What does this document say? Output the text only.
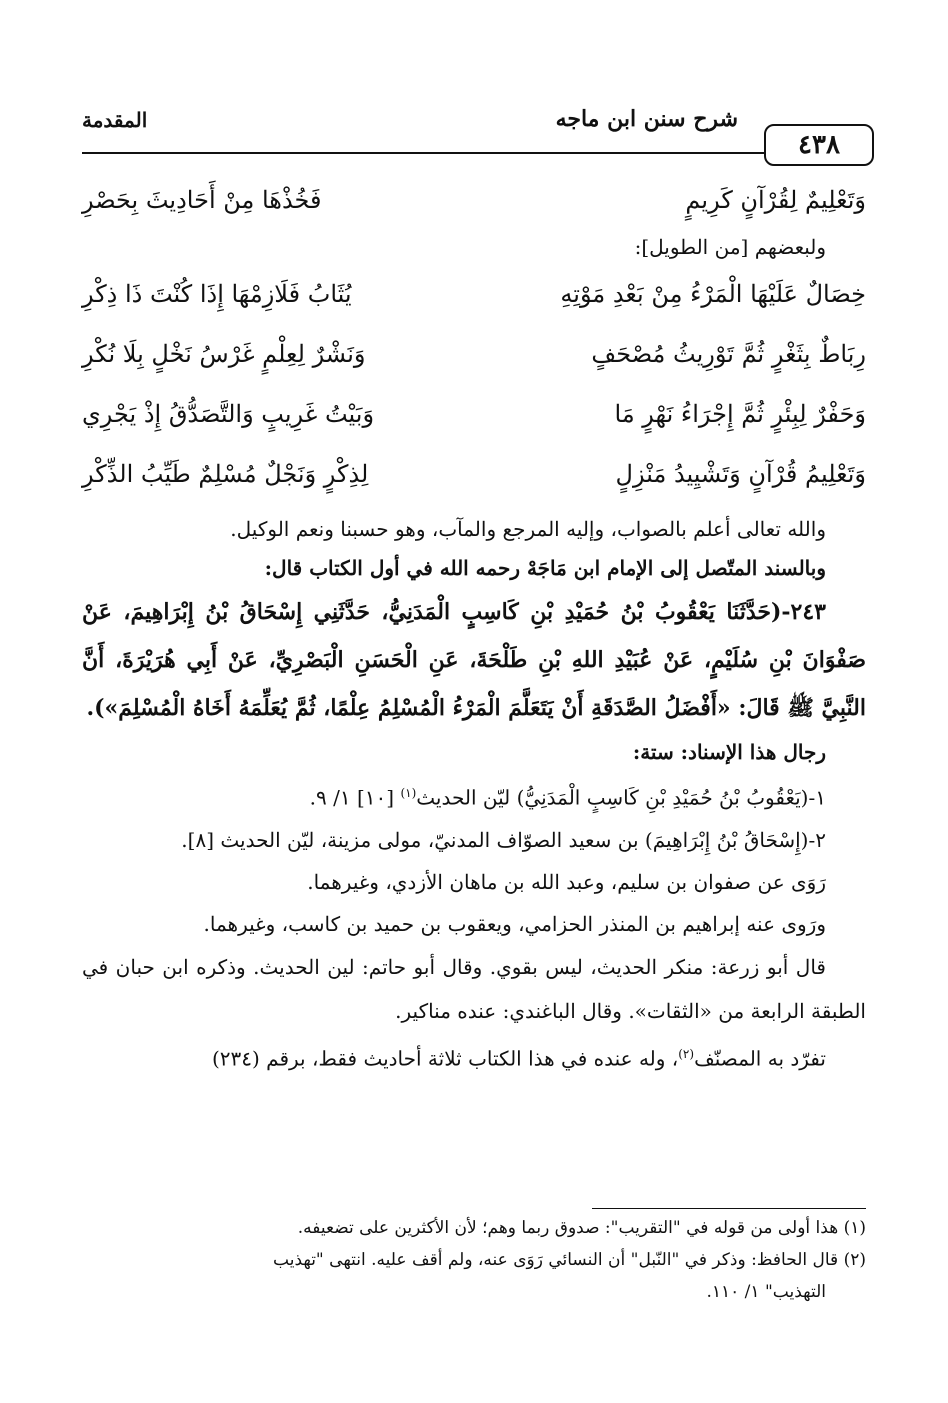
٤٣٨
شرح سنن ابن ماجه
المقدمة
وَتَعْلِيمٌ لِقُرْآنٍ كَرِيمٍ
فَخُذْهَا مِنْ أَحَادِيثَ بِحَصْرِ
ولبعضهم [من الطويل]:
خِصَالٌ عَلَيْهَا الْمَرْءُ مِنْ بَعْدِ مَوْتِهِ
يُثَابُ فَلَازِمْهَا إِذَا كُنْتَ ذَا ذِكْرِ
رِبَاطٌ بِثَغْرٍ ثُمَّ تَوْرِيثُ مُصْحَفٍ
وَنَشْرٌ لِعِلْمٍ غَرْسُ نَخْلٍ بِلَا نُكْرِ
وَحَفْرٌ لِبِئْرٍ ثُمَّ إِجْرَاءُ نَهْرٍ مَا
وَبَيْتُ غَرِيبٍ وَالتَّصَدُّقُ إِذْ يَجْرِي
وَتَعْلِيمُ قُرْآنٍ وَتَشْيِيدُ مَنْزِلٍ
لِذِكْرٍ وَنَجْلٌ مُسْلِمٌ طَيِّبُ الذِّكْرِ
والله تعالى أعلم بالصواب، وإليه المرجع والمآب، وهو حسبنا ونعم الوكيل.
وبالسند المتّصل إلى الإمام ابن مَاجَهْ رحمه الله في أول الكتاب قال:
٢٤٣-(حَدَّثَنَا يَعْقُوبُ بْنُ حُمَيْدِ بْنِ كَاسِبٍ الْمَدَنِيُّ، حَدَّثَنِي إِسْحَاقُ بْنُ إِبْرَاهِيمَ، عَنْ صَفْوَانَ بْنِ سُلَيْمٍ، عَنْ عُبَيْدِ اللهِ بْنِ طَلْحَةَ، عَنِ الْحَسَنِ الْبَصْرِيِّ، عَنْ أَبِي هُرَيْرَةَ، أَنَّ النَّبِيَّ ﷺ قَالَ: «أَفْضَلُ الصَّدَقَةِ أَنْ يَتَعَلَّمَ الْمَرْءُ الْمُسْلِمُ عِلْمًا، ثُمَّ يُعَلِّمَهُ أَخَاهُ الْمُسْلِمَ»).
رجال هذا الإسناد: ستة:
١-(يَعْقُوبُ بْنُ حُمَيْدِ بْنِ كَاسِبٍ الْمَدَنِيُّ) ليّن الحديث$^{(١)}$ [١٠] ١/ ٩.
٢-(إِسْحَاقُ بْنُ إِبْرَاهِيمَ) بن سعيد الصوّاف المدنيّ، مولى مزينة، ليّن الحديث [٨].
رَوَى عن صفوان بن سليم، وعبد الله بن ماهان الأزدي، وغيرهما.
ورَوى عنه إبراهيم بن المنذر الحزامي، ويعقوب بن حميد بن كاسب، وغيرهما.
قال أبو زرعة: منكر الحديث، ليس بقوي. وقال أبو حاتم: لين الحديث. وذكره ابن حبان في الطبقة الرابعة من «الثقات». وقال الباغندي: عنده مناكير.
تفرّد به المصنّف$^{(٢)}$، وله عنده في هذا الكتاب ثلاثة أحاديث فقط، برقم (٢٣٤)
(١) هذا أولى من قوله في "التقريب": صدوق ربما وهم؛ لأن الأكثرين على تضعيفه.
(٢) قال الحافظ: وذكر في "النّبل" أن النسائي رَوَى عنه، ولم أقف عليه. انتهى "تهذيب
التهذيب" ١/ ١١٠.
